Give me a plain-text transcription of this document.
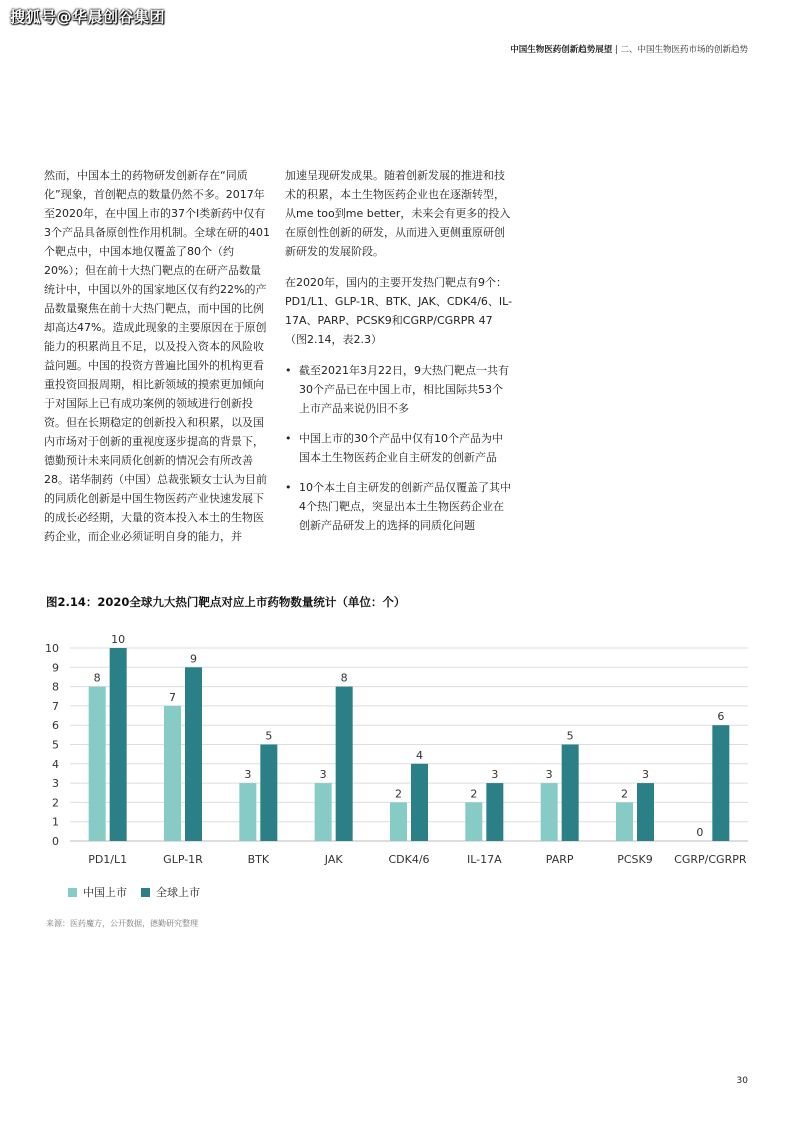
搜狐号@华晨创谷集团
中国生物医药创新趋势展望 | 二、中国生物医药市场的创新趋势

然而，中国本土的药物研发创新存在“同质化”现象，首创靶点的数量仍然不多。2017年至2020年，在中国上市的37个I类新药中仅有3个产品具备原创性作用机制。全球在研的401个靶点中，中国本地仅覆盖了80个（约20%）；但在前十大热门靶点的在研产品数量统计中，中国以外的国家地区仅有约22%的产品数量聚焦在前十大热门靶点，而中国的比例却高达47%。造成此现象的主要原因在于原创能力的积累尚且不足，以及投入资本的风险收益问题。中国的投资方普遍比国外的机构更看重投资回报周期，相比新领域的摸索更加倾向于对国际上已有成功案例的领域进行创新投资。但在长期稳定的创新投入和积累，以及国内市场对于创新的重视度逐步提高的背景下，德勤预计未来同质化创新的情况会有所改善28。诺华制药（中国）总裁张颖女士认为目前的同质化创新是中国生物医药产业快速发展下的成长必经期，大量的资本投入本土的生物医药企业，而企业必须证明自身的能力，并

加速呈现研发成果。随着创新发展的推进和技术的积累，本土生物医药企业也在逐渐转型，从me too到me better，未来会有更多的投入在原创性创新的研发，从而进入更侧重原研创新研发的发展阶段。

在2020年，国内的主要开发热门靶点有9个：PD1/L1、GLP-1R、BTK、JAK、CDK4/6、IL-17A、PARP、PCSK9和CGRP/CGRPR 47（图2.14，表2.3）

• 截至2021年3月22日，9大热门靶点一共有30个产品已在中国上市，相比国际共53个上市产品来说仍旧不多
• 中国上市的30个产品中仅有10个产品为中国本土生物医药企业自主研发的创新产品
• 10个本土自主研发的创新产品仅覆盖了其中4个热门靶点，突显出本土生物医药企业在创新产品研发上的选择的同质化问题
图2.14：2020全球九大热门靶点对应上市药物数量统计（单位：个）
0
1
2
3
4
5
6
7
8
9
10
8
10
PD1/L1
7
9
GLP-1R
3
5
BTK
3
8
JAK
2
4
CDK4/6
2
3
IL-17A
3
5
PARP
2
3
PCSK9
0
6
CGRP/CGRPR
中国上市	全球上市
来源：医药魔方，公开数据，德勤研究整理
30
